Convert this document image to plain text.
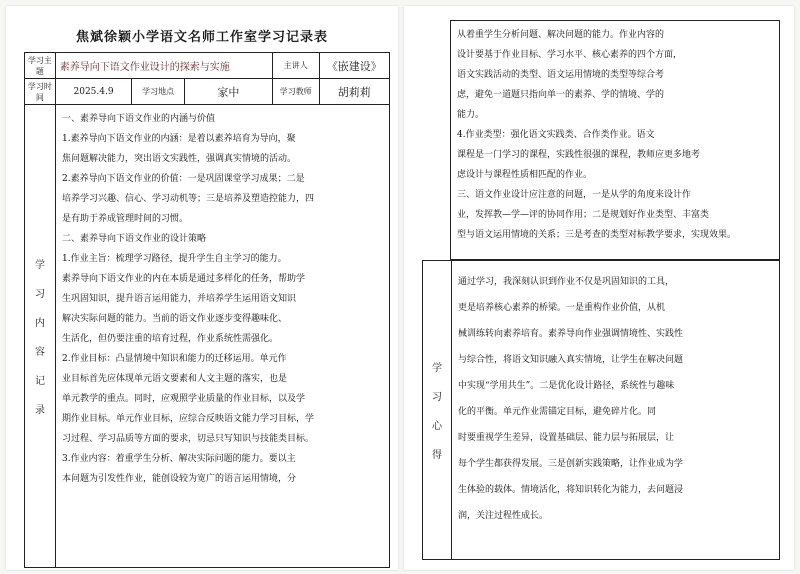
焦斌徐颖小学语文名师工作室学习记录表
学习主题	素养导向下语文作业设计的探索与实施			主讲人	《嵌建设》
学习时间	2025.4.9	学习地点	家中	学习教师	胡莉莉
学
习
内
容
记
录

一、素养导向下语文作业的内涵与价值
1.素养导向下语文作业的内涵：是着以素养培育为导向，聚
焦问题解决能力，突出语文实践性，强调真实情境的活动。
2.素养导向下语文作业的价值：一是巩固课堂学习成果；二是
培养学习兴趣、信心、学习动机等；三是培养及塑造控能力，四
是有助于养成管理时间的习惯。
二、素养导向下语文作业的设计策略
1.作业主旨：梳理学习路径，提升学生自主学习的能力。
素养导向下语文作业的内在本质是通过多样化的任务，帮助学
生巩固知识，提升语言运用能力，并培养学生运用语文知识
解决实际问题的能力。当前的语文作业逐步变得趣味化、
生活化，但仍要注重的培育过程，作业系统性需强化。
2.作业目标：凸显情境中知识和能力的迁移运用。单元作
业目标首先应体现单元语文要素和人文主题的落实，也是
单元教学的重点。同时，应观照学业质量的作业目标，以及学
期作业目标。单元作业目标，应综合反映语文能力学习目标，学
习过程、学习品质等方面的要求，切忌只写知识与技能类目标。
3.作业内容：着重学生分析、解决实际问题的能力。要以主
本问题为引发性作业，能创设较为宽广的语言运用情境，分
从着重学生分析问题、解决问题的能力。作业内容的
设计要基于作业目标、学习水平、核心素养的四个方面，
语文实践活动的类型、语文运用情境的类型等综合考
虑，避免一道题只指向单一的素养、学的情境、学的
能力。
4.作业类型：强化语文实践类、合作类作业。语文
课程是一门学习的课程，实践性很强的课程，教师应更多地考
虑设计与课程性质相匹配的作业。
三、语文作业设计应注意的问题，一是从学的角度来设计作
业，发挥教—学—评的协同作用；二是规划好作业类型、丰富类
型与语文运用情境的关系；三是考查的类型对标教学要求，实现效果。
学
习
心
得

通过学习，我深刻认识到作业不仅是巩固知识的工具，
更是培养核心素养的桥梁。一是重构作业价值，从机
械训练转向素养培育。素养导向作业强调情境性、实践性
与综合性，将语文知识融入真实情境，让学生在解决问题
中实现“学用共生”。二是优化设计路径，系统性与趣味
化的平衡。单元作业需锚定目标，避免碎片化。同
时要重视学生差异，设置基础层、能力层与拓展层，让
每个学生都获得发展。三是创新实践策略，让作业成为学
生体验的载体。情境活化，将知识转化为能力，去问题浸
润，关注过程性成长。
